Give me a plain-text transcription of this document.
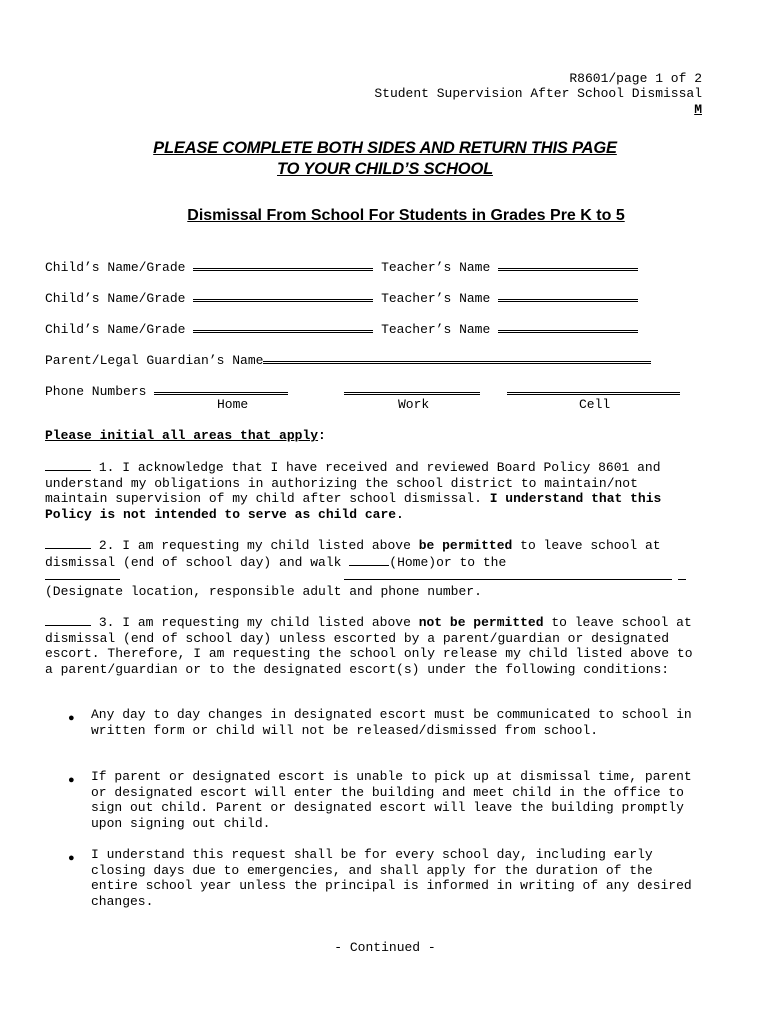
R8601/page 1 of 2
Student Supervision After School Dismissal
M
PLEASE COMPLETE BOTH SIDES AND RETURN THIS PAGE
TO YOUR CHILD’S SCHOOL
Dismissal From School For Students in Grades Pre K to 5
Child’s Name/Grade	Teacher’s Name
Child’s Name/Grade	Teacher’s Name
Child’s Name/Grade	Teacher’s Name
Parent/Legal Guardian’s Name
Phone Numbers
Home	Work	Cell
Please initial all areas that apply:
1. I acknowledge that I have received and reviewed Board Policy 8601 and understand my obligations in authorizing the school district to maintain/not maintain supervision of my child after school dismissal. I understand that this Policy is not intended to serve as child care.
2. I am requesting my child listed above be permitted to leave school at dismissal (end of school day) and walk	(Home)or to the
(Designate location, responsible adult and phone number.
3. I am requesting my child listed above not be permitted to leave school at dismissal (end of school day) unless escorted by a parent/guardian or designated escort. Therefore, I am requesting the school only release my child listed above to a parent/guardian or to the designated escort(s) under the following conditions:
● Any day to day changes in designated escort must be communicated to school in written form or child will not be released/dismissed from school.
● If parent or designated escort is unable to pick up at dismissal time, parent or designated escort will enter the building and meet child in the office to sign out child. Parent or designated escort will leave the building promptly upon signing out child.
● I understand this request shall be for every school day, including early closing days due to emergencies, and shall apply for the duration of the entire school year unless the principal is informed in writing of any desired changes.
- Continued -
